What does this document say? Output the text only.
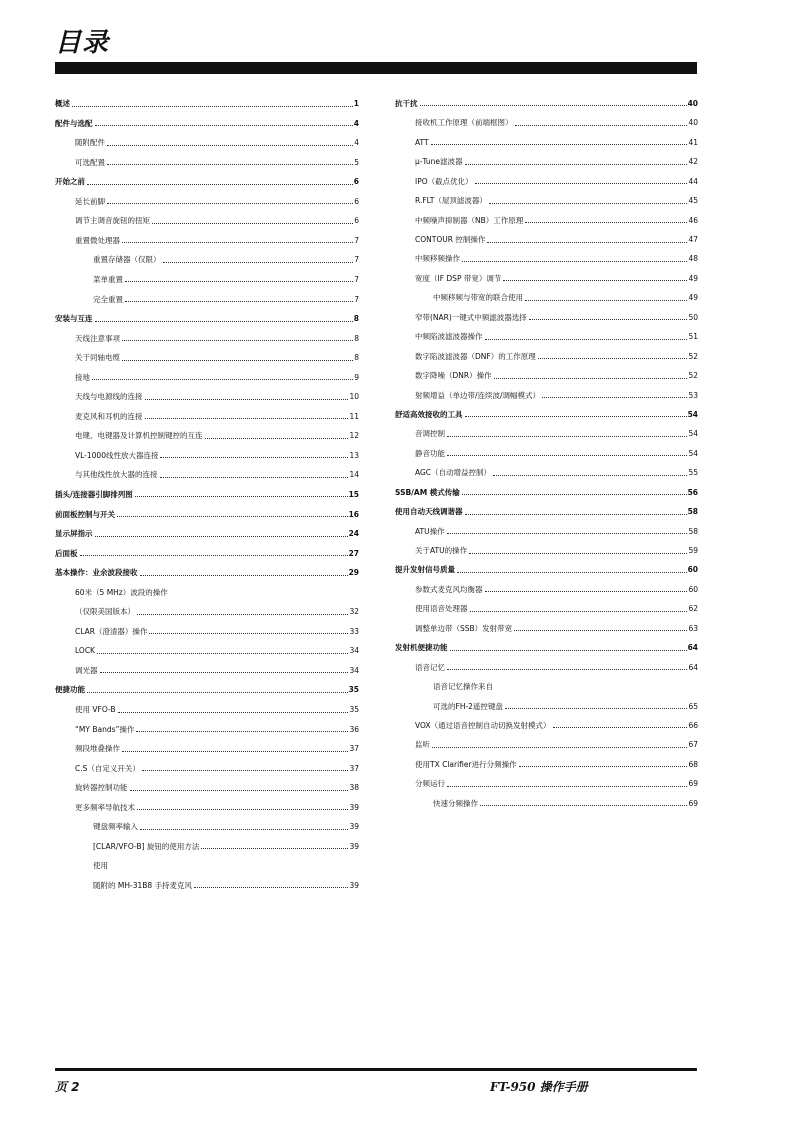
目录
概述	1
配件与选配	4
随附配件	4
可选配置	5
开始之前	6
延长前脚	6
调节主调音旋钮的扭矩	6
重置微处理器	7
重置存储器（仅限）	7
菜单重置	7
完全重置	7
安装与互连	8
天线注意事项	8
关于同轴电缆	8
接地	9
天线与电源线的连接	10
麦克风和耳机的连接	11
电键、电键器及计算机控制键控的互连	12
VL-1000线性放大器连接	13
与其他线性放大器的连接	14
插头/连接器引脚排列图	15
前面板控制与开关	16
显示屏指示	24
后面板	27
基本操作：业余波段接收	29
60米（5 MHz）波段的操作
（仅限美国版本）	32
CLAR（澄清器）操作	33
LOCK	34
调光器	34
便捷功能	35
使用 VFO-B	35
“MY Bands”操作	36
频段堆叠操作	37
C.S（自定义开关）	37
旋转器控制功能	38
更多频率导航技术	39
键盘频率输入	39
[CLAR/VFO-B] 旋钮的使用方法	39
使用
随附的 MH-31B8 手持麦克风	39
抗干扰	40
接收机工作原理（前端框图）	40
ATT	41
μ-Tune滤波器	42
IPO（截点优化）	44
R.FLT（屋顶滤波器）	45
中频噪声抑制器（NB）工作原理	46
CONTOUR 控制操作	47
中频移频操作	48
宽度（IF DSP 带宽）调节	49
中频移频与带宽的联合使用	49
窄带(NAR)一键式中频滤波器选择	50
中频陷波滤波器操作	51
数字陷波滤波器（DNF）的工作原理	52
数字降噪（DNR）操作	52
射频增益（单边带/连续波/调幅模式）	53
舒适高效接收的工具	54
音调控制	54
静音功能	54
AGC（自动增益控制）	55
SSB/AM 模式传输	56
使用自动天线调谐器	58
ATU操作	58
关于ATU的操作	59
提升发射信号质量	60
参数式麦克风均衡器	60
使用语音处理器	62
调整单边带（SSB）发射带宽	63
发射机便捷功能	64
语音记忆	64
语音记忆操作来自
可选的FH-2遥控键盘	65
VOX（通过语音控制自动切换发射模式）	66
监听	67
使用TX Clarifier进行分频操作	68
分频运行	69
快速分频操作	69
页 2	FT-950 操作手册
